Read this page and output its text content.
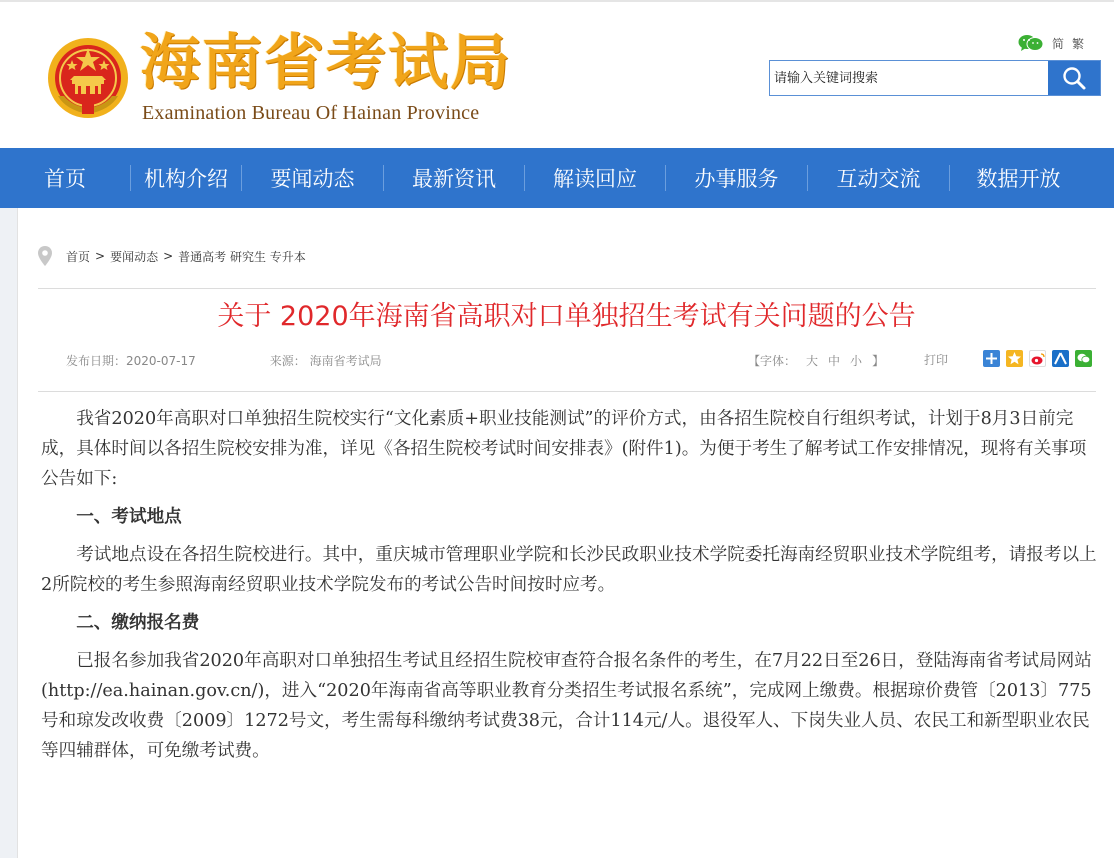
海南省考试局
Examination Bureau Of Hainan Province
简 繁
请输入关键词搜索
首页	机构介绍	要闻动态	最新资讯	解读回应	办事服务	互动交流	数据开放
首页 > 要闻动态 > 普通高考 研究生 专升本
关于 2020年海南省高职对口单独招生考试有关问题的公告
发布日期：2020-07-17	来源： 海南省考试局	【字体： 大 中 小 】	打印

我省2020年高职对口单独招生院校实行“文化素质+职业技能测试”的评价方式，由各招生院校自行组织考试，计划于8月3日前完成，具体时间以各招生院校安排为准，详见《各招生院校考试时间安排表》(附件1)。为便于考生了解考试工作安排情况，现将有关事项公告如下:

一、考试地点

考试地点设在各招生院校进行。其中，重庆城市管理职业学院和长沙民政职业技术学院委托海南经贸职业技术学院组考，请报考以上2所院校的考生参照海南经贸职业技术学院发布的考试公告时间按时应考。

二、缴纳报名费

已报名参加我省2020年高职对口单独招生考试且经招生院校审查符合报名条件的考生，在7月22日至26日，登陆海南省考试局网站(http://ea.hainan.gov.cn/)，进入“2020年海南省高等职业教育分类招生考试报名系统”，完成网上缴费。根据琼价费管〔2013〕775号和琼发改收费〔2009〕1272号文，考生需每科缴纳考试费38元，合计114元/人。退役军人、下岗失业人员、农民工和新型职业农民等四辅群体，可免缴考试费。
